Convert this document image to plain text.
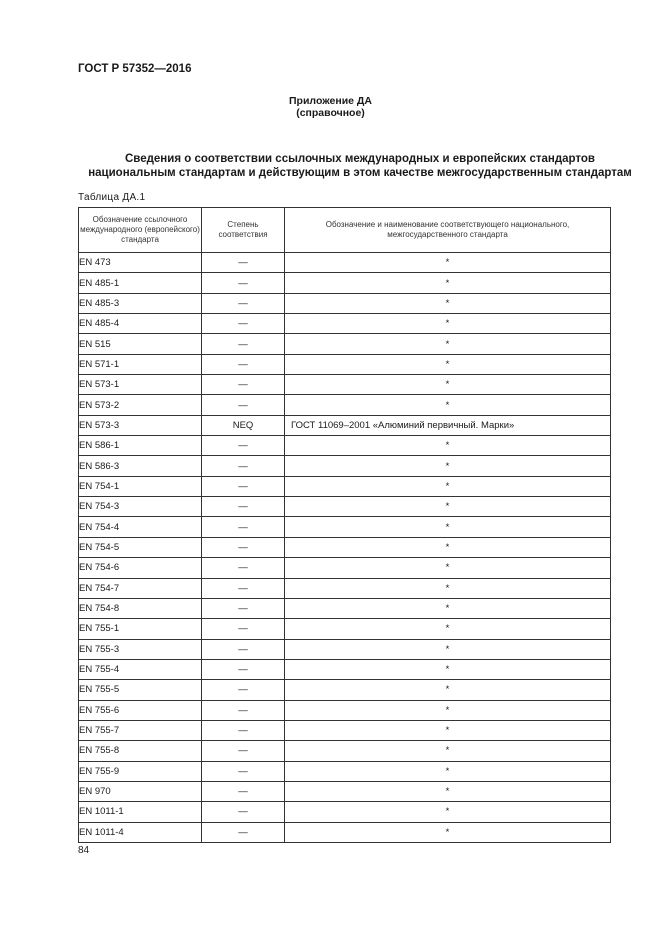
ГОСТ Р 57352—2016
Приложение ДА
(справочное)
Сведения о соответствии ссылочных международных и европейских стандартов
национальным стандартам и действующим в этом качестве межгосударственным стандартам
Таблица ДА.1
Обозначение ссылочного международного (европейского) стандарта	Степень соответствия	Обозначение и наименование соответствующего национального, межгосударственного стандарта
EN 473	—	*
EN 485-1	—	*
EN 485-3	—	*
EN 485-4	—	*
EN 515	—	*
EN 571-1	—	*
EN 573-1	—	*
EN 573-2	—	*
EN 573-3	NEQ	ГОСТ 11069–2001 «Алюминий первичный. Марки»
EN 586-1	—	*
EN 586-3	—	*
EN 754-1	—	*
EN 754-3	—	*
EN 754-4	—	*
EN 754-5	—	*
EN 754-6	—	*
EN 754-7	—	*
EN 754-8	—	*
EN 755-1	—	*
EN 755-3	—	*
EN 755-4	—	*
EN 755-5	—	*
EN 755-6	—	*
EN 755-7	—	*
EN 755-8	—	*
EN 755-9	—	*
EN 970	—	*
EN 1011-1	—	*
EN 1011-4	—	*
84
